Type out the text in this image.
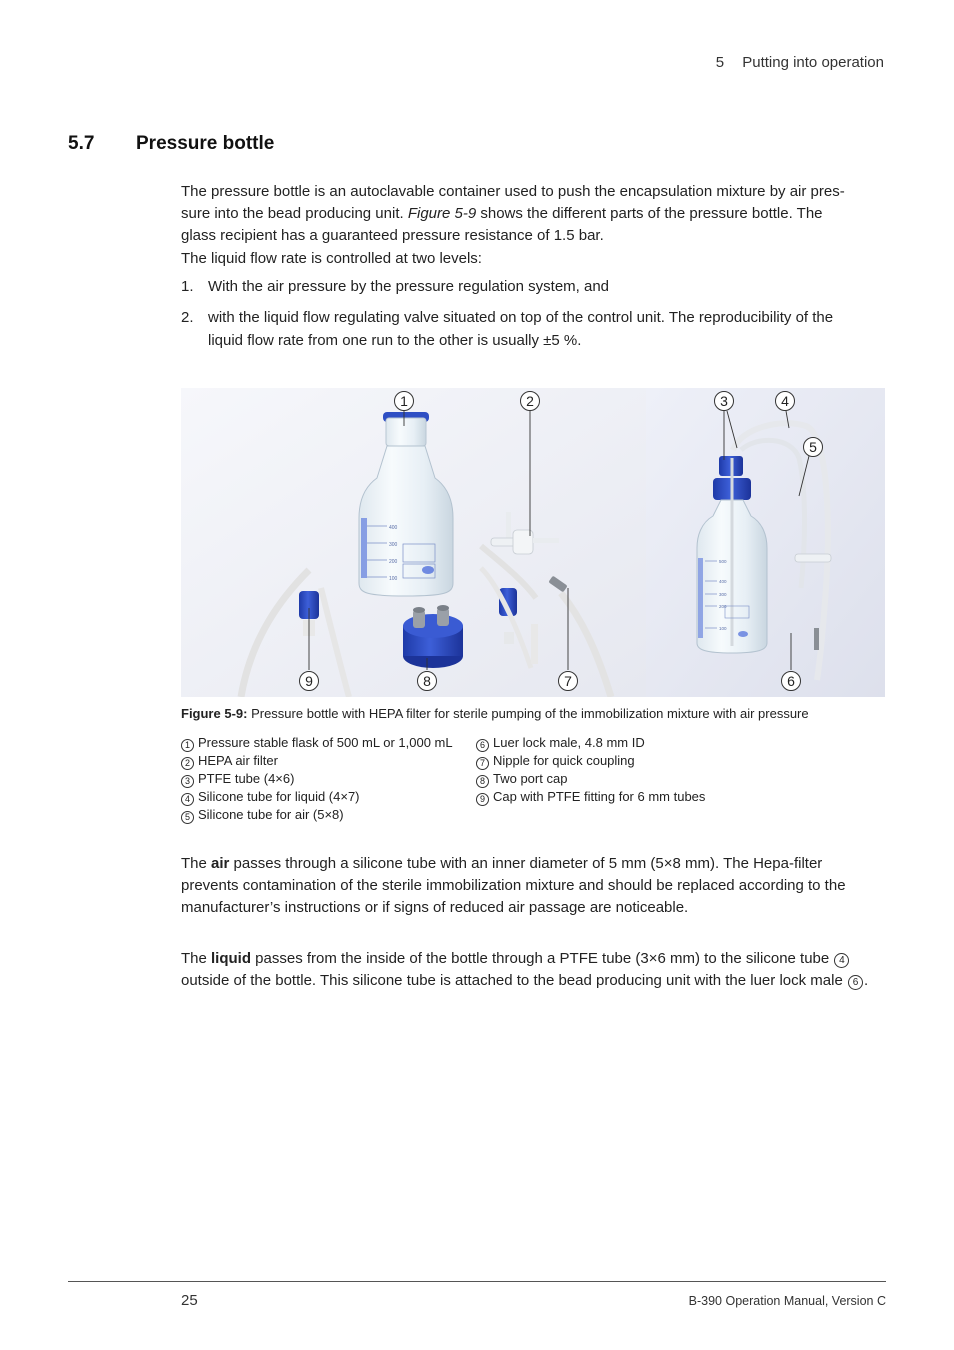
5 Putting into operation
5.7 Pressure bottle
The pressure bottle is an autoclavable container used to push the encapsulation mixture by air pres-
sure into the bead producing unit. Figure 5-9 shows the different parts of the pressure bottle. The
glass recipient has a guaranteed pressure resistance of 1.5 bar.
The liquid flow rate is controlled at two levels:
1. With the air pressure by the pressure regulation system, and
2. with the liquid flow regulating valve situated on top of the control unit. The reproducibility of the
liquid flow rate from one run to the other is usually ±5 %.
400
300
200
100
500
400
300
200
100
1	2	3	4
5
6
7
8
9
Figure 5-9: Pressure bottle with HEPA filter for sterile pumping of the immobilization mixture with air pressure
1 Pressure stable flask of 500 mL or 1,000 mL
2 HEPA air filter
3 PTFE tube (4×6)
4 Silicone tube for liquid (4×7)
5 Silicone tube for air (5×8)
6 Luer lock male, 4.8 mm ID
7 Nipple for quick coupling
8 Two port cap
9 Cap with PTFE fitting for 6 mm tubes
The air passes through a silicone tube with an inner diameter of 5 mm (5×8 mm). The Hepa-filter
prevents contamination of the sterile immobilization mixture and should be replaced according to the
manufacturer’s instructions or if signs of reduced air passage are noticeable.
The liquid passes from the inside of the bottle through a PTFE tube (3×6 mm) to the silicone tube 4
outside of the bottle. This silicone tube is attached to the bead producing unit with the luer lock male 6 .
25	B-390 Operation Manual, Version C
